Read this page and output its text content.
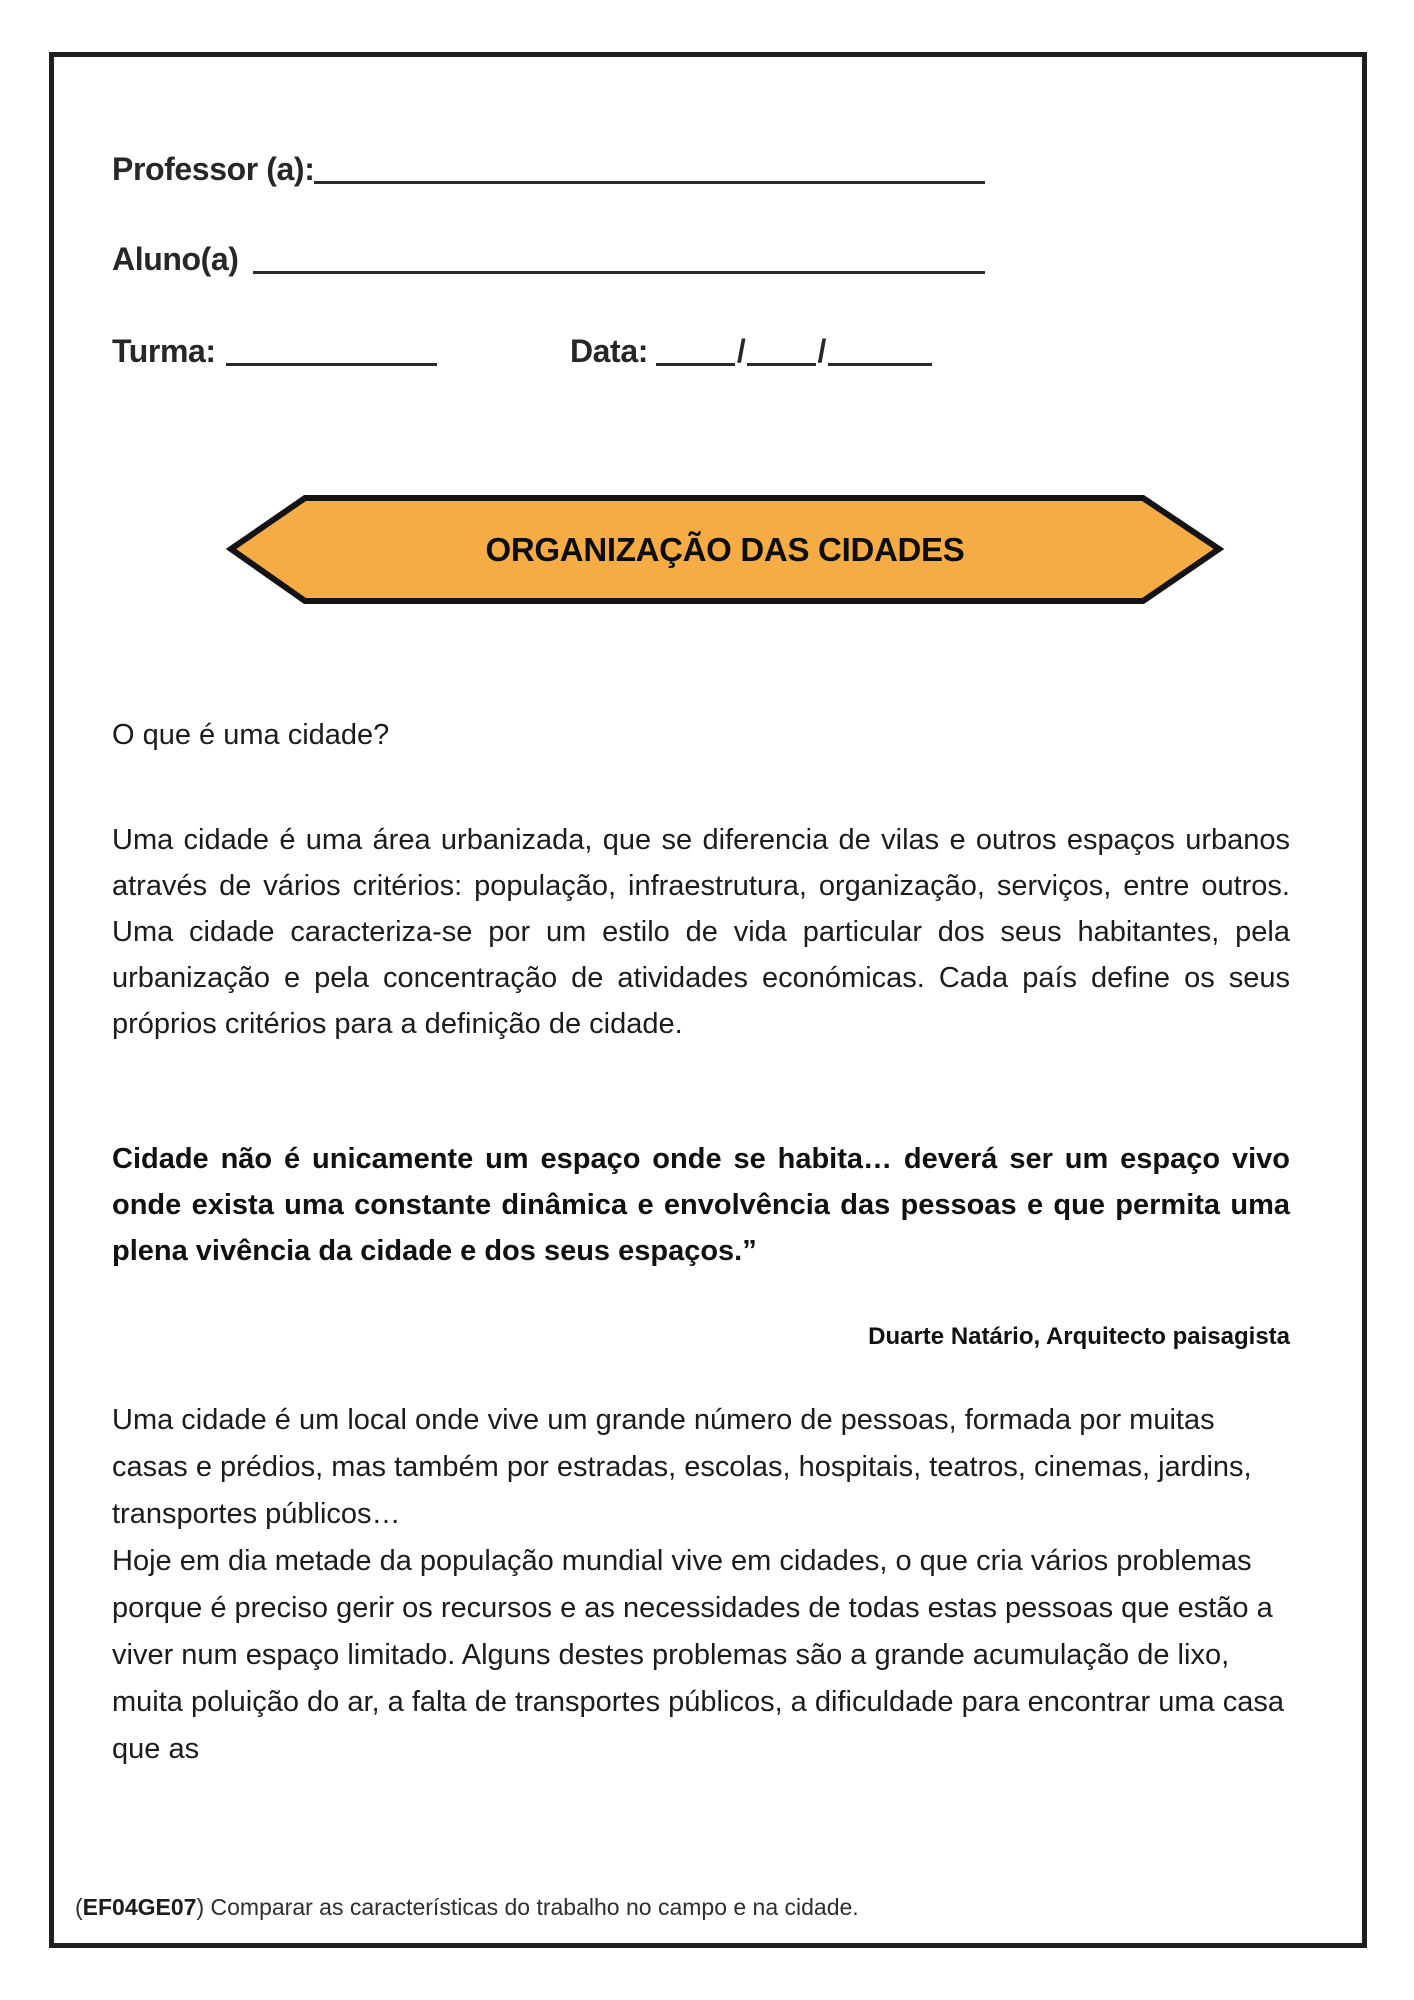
Professor (a):
Aluno(a)
Turma:	Data:	/ /
ORGANIZAÇÃO DAS CIDADES
O que é uma cidade?
Uma cidade é uma área urbanizada, que se diferencia de vilas e outros espaços urbanos através de vários critérios: população, infraestrutura, organização, serviços, entre outros. Uma cidade caracteriza-se por um estilo de vida particular dos seus habitantes, pela urbanização e pela concentração de atividades económicas. Cada país define os seus próprios critérios para a definição de cidade.
Cidade não é unicamente um espaço onde se habita… deverá ser um espaço vivo onde exista uma constante dinâmica e envolvência das pessoas e que permita uma plena vivência da cidade e dos seus espaços.”
Duarte Natário, Arquitecto paisagista

Uma cidade é um local onde vive um grande número de pessoas, formada por muitas casas e prédios, mas também por estradas, escolas, hospitais, teatros, cinemas, jardins, transportes públicos…

Hoje em dia metade da população mundial vive em cidades, o que cria vários problemas porque é preciso gerir os recursos e as necessidades de todas estas pessoas que estão a viver num espaço limitado. Alguns destes problemas são a grande acumulação de lixo, muita poluição do ar, a falta de transportes públicos, a dificuldade para encontrar uma casa que as

(EF04GE07) Comparar as características do trabalho no campo e na cidade.
